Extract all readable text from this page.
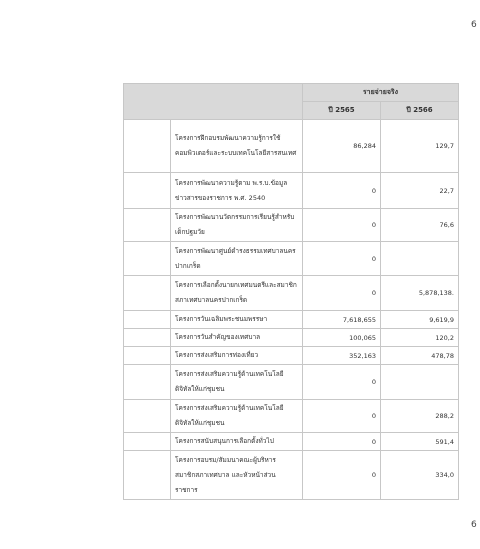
6
		รายจ่ายจริง	
		ปี 2565	ปี 2566
	โครงการฝึกอบรมพัฒนาความรู้การใช้คอมพิวเตอร์และระบบเทคโนโลยีสารสนเทศ	86,284	129,7
	โครงการพัฒนาความรู้ตาม พ.ร.บ.ข้อมูลข่าวสารของราชการ พ.ศ. 2540	0	22,7
	โครงการพัฒนานวัตกรรมการเรียนรู้สำหรับเด็กปฐมวัย	0	76,6
	โครงการพัฒนาศูนย์ดำรงธรรมเทศบาลนครปากเกร็ด	0	
	โครงการเลือกตั้งนายกเทศมนตรีและสมาชิกสภาเทศบาลนครปากเกร็ด	0	5,878,138.
	โครงการวันเฉลิมพระชนมพรรษา	7,618,655	9,619,9
	โครงการวันสำคัญของเทศบาล	100,065	120,2
	โครงการส่งเสริมการท่องเที่ยว	352,163	478,78
	โครงการส่งเสริมความรู้ด้านเทคโนโลยีดิจิทัลให้แก่ชุมชน	0	
	โครงการส่งเสริมความรู้ด้านเทคโนโลยีดิจิทัลให้แก่ชุมชน	0	288,2
	โครงการสนับสนุนการเลือกตั้งทั่วไป	0	591,4
	โครงการอบรม/สัมมนาคณะผู้บริหาร สมาชิกสภาเทศบาล และหัวหน้าส่วนราชการ	0	334,0
6
